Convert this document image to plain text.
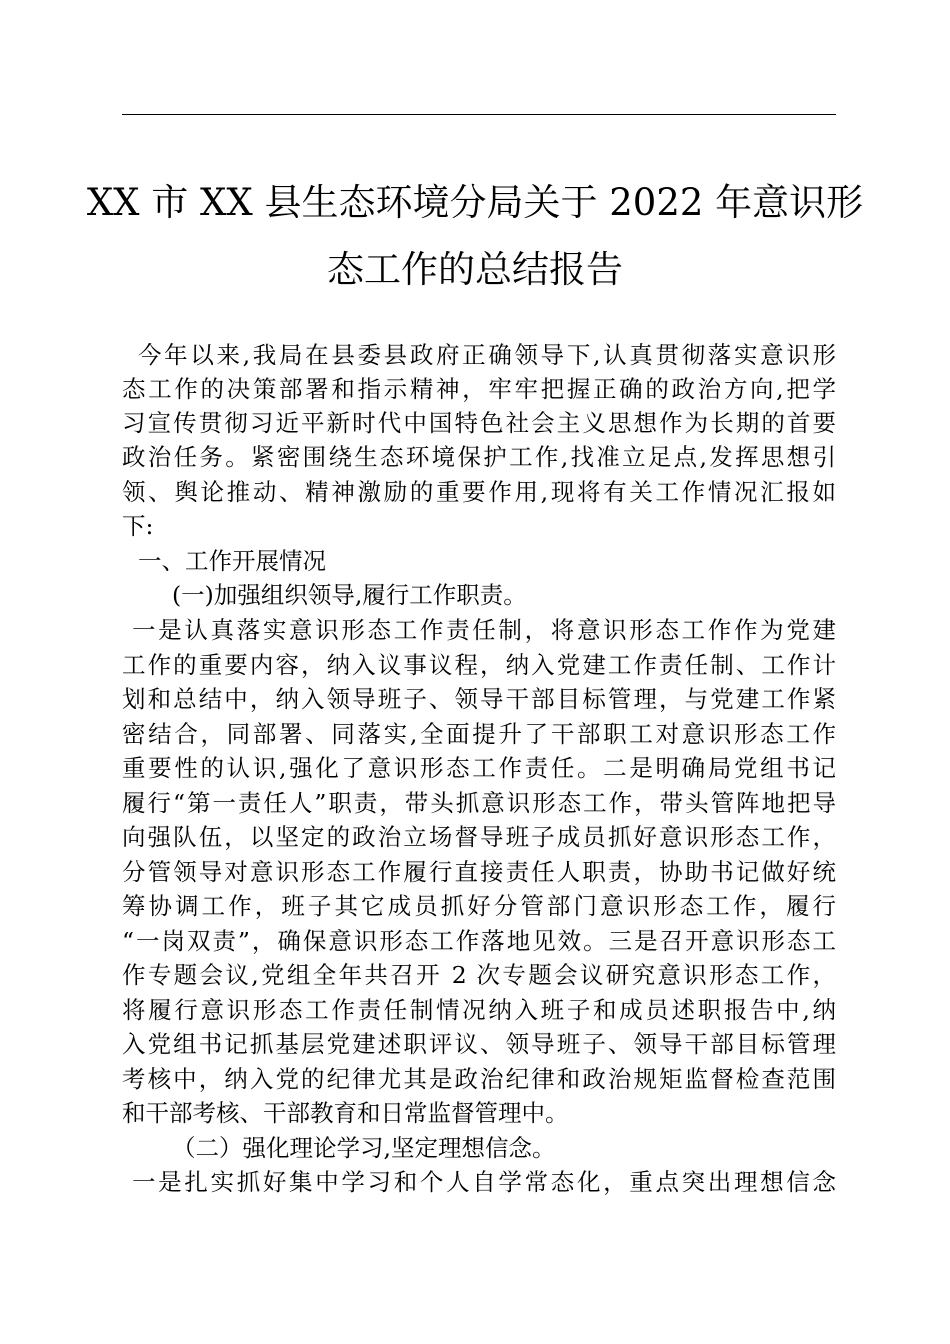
XX 市 XX 县生态环境分局关于 2022 年意识形
态工作的总结报告
今年以来,我局在县委县政府正确领导下,认真贯彻落实意识形
态工作的决策部署和指示精神，牢牢把握正确的政治方向,把学
习宣传贯彻习近平新时代中国特色社会主义思想作为长期的首要
政治任务。紧密围绕生态环境保护工作,找准立足点,发挥思想引
领、舆论推动、精神激励的重要作用,现将有关工作情况汇报如
下:
一、工作开展情况
(一)加强组织领导,履行工作职责。
一是认真落实意识形态工作责任制，将意识形态工作作为党建
工作的重要内容，纳入议事议程，纳入党建工作责任制、工作计
划和总结中，纳入领导班子、领导干部目标管理，与党建工作紧
密结合，同部署、同落实,全面提升了干部职工对意识形态工作
重要性的认识,强化了意识形态工作责任。二是明确局党组书记
履行“第一责任人”职责，带头抓意识形态工作，带头管阵地把导
向强队伍，以坚定的政治立场督导班子成员抓好意识形态工作，
分管领导对意识形态工作履行直接责任人职责，协助书记做好统
筹协调工作，班子其它成员抓好分管部门意识形态工作，履行
“一岗双责”，确保意识形态工作落地见效。三是召开意识形态工
作专题会议,党组全年共召开 2 次专题会议研究意识形态工作，
将履行意识形态工作责任制情况纳入班子和成员述职报告中,纳
入党组书记抓基层党建述职评议、领导班子、领导干部目标管理
考核中，纳入党的纪律尤其是政治纪律和政治规矩监督检查范围
和干部考核、干部教育和日常监督管理中。
（二）强化理论学习,坚定理想信念。
一是扎实抓好集中学习和个人自学常态化，重点突出理想信念
